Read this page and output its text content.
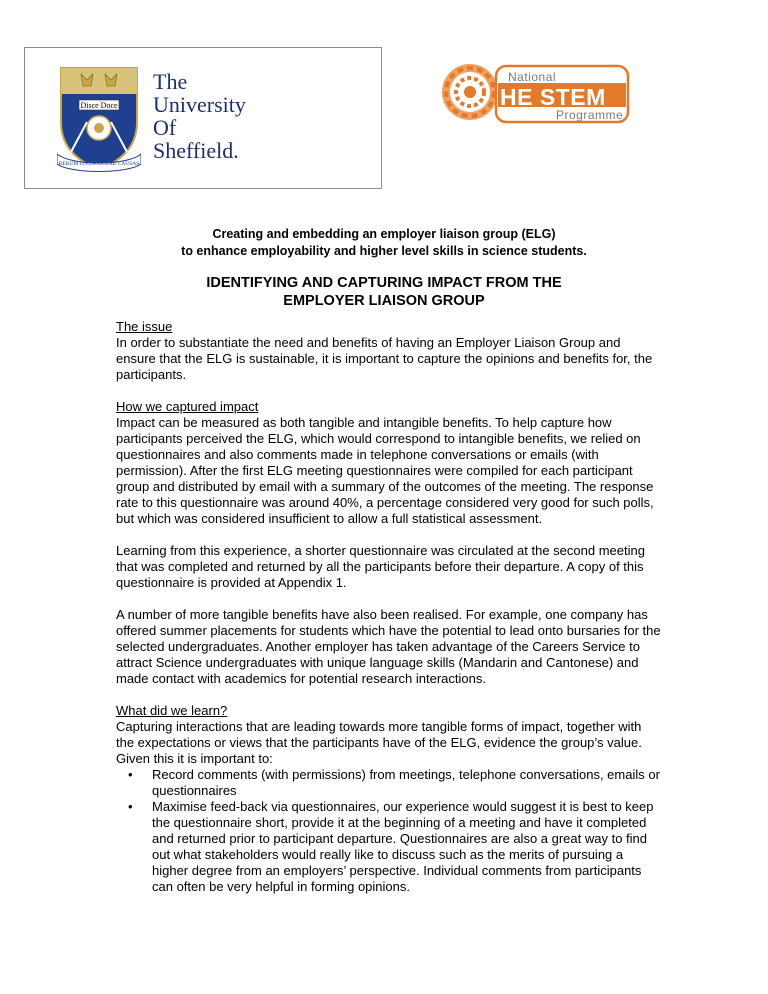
Disce Doce
RERUM COGNOSCERE CAUSAS
The
University
Of
Sheffield.
National
HE STEM
Programme
Creating and embedding an employer liaison group (ELG)
to enhance employability and higher level skills in science students.
IDENTIFYING AND CAPTURING IMPACT FROM THE
EMPLOYER LIAISON GROUP

The issue

In order to substantiate the need and benefits of having an Employer Liaison Group and ensure that the ELG is sustainable, it is important to capture the opinions and benefits for, the participants.

How we captured impact

Impact can be measured as both tangible and intangible benefits. To help capture how participants perceived the ELG, which would correspond to intangible benefits, we relied on questionnaires and also comments made in telephone conversations or emails (with permission). After the first ELG meeting questionnaires were compiled for each participant group and distributed by email with a summary of the outcomes of the meeting. The response rate to this questionnaire was around 40%, a percentage considered very good for such polls, but which was considered insufficient to allow a full statistical assessment.

Learning from this experience, a shorter questionnaire was circulated at the second meeting that was completed and returned by all the participants before their departure. A copy of this questionnaire is provided at Appendix 1.

A number of more tangible benefits have also been realised. For example, one company has offered summer placements for students which have the potential to lead onto bursaries for the selected undergraduates. Another employer has taken advantage of the Careers Service to attract Science undergraduates with unique language skills (Mandarin and Cantonese) and made contact with academics for potential research interactions.

What did we learn?

Capturing interactions that are leading towards more tangible forms of impact, together with the expectations or views that the participants have of the ELG, evidence the group’s value. Given this it is important to:

• Record comments (with permissions) from meetings, telephone conversations, emails or questionnaires
• Maximise feed-back via questionnaires, our experience would suggest it is best to keep the questionnaire short, provide it at the beginning of a meeting and have it completed and returned prior to participant departure. Questionnaires are also a great way to find out what stakeholders would really like to discuss such as the merits of pursuing a higher degree from an employers’ perspective. Individual comments from participants can often be very helpful in forming opinions.
